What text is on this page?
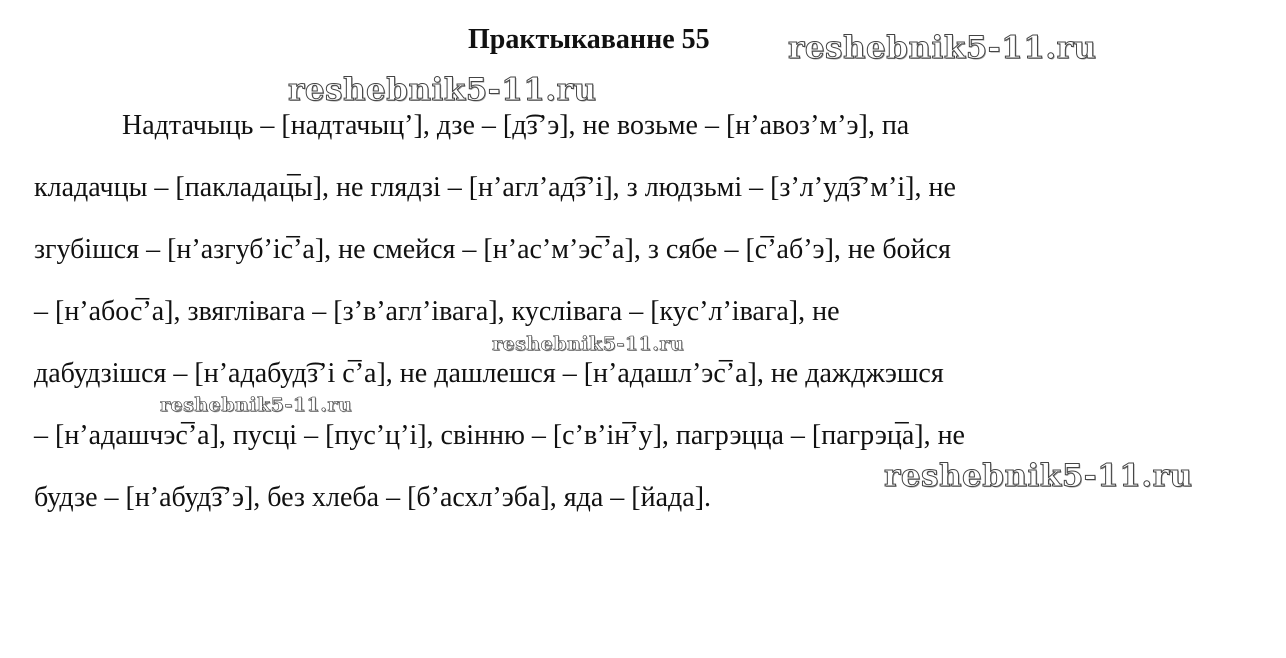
Практыкаванне 55
Надтачыць – [надтачыц’], дзе – [д͡з’э], не возьме – [н’авоз’м’э], па
кладачцы – [пакладац̅ы], не глядзі – [н’агл’ад͡з’і], з людзьмі – [з’л’уд͡з’м’і], не
згубішся – [н’азгуб’іс̅’а], не смейся – [н’ас’м’эс̅’а], з сябе – [с̅’аб’э], не бойся
– [н’абос̅’а], звяглівага – [з’в’агл’івага], куслівага – [кус’л’івага], не
дабудзішся – [н’адабуд͡з’і с̅’а], не дашлешся – [н’адашл’эс̅’а], не дажджэшся
– [н’адашчэс̅’а], пусці – [пус’ц’і], свінню – [с’в’ін̅’у], пагрэцца – [пагрэц̅а], не
будзе – [н’абуд͡з’э], без хлеба – [б’асхл’эба], яда – [йада].
reshebnik5-11.ru
reshebnik5-11.ru
reshebnik5-11.ru
reshebnik5-11.ru
reshebnik5-11.ru
